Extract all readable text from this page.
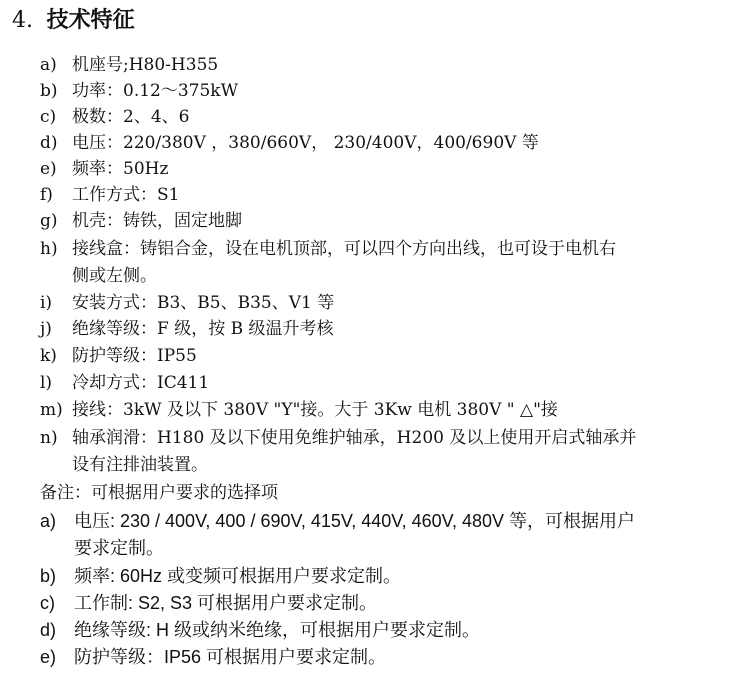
4. 技术特征
a) 机座号;H80-H355
b) 功率：0.12～375kW
c) 极数：2、4、6
d) 电压：220/380V ，380/660V， 230/400V，400/690V 等
e) 频率：50Hz
f) 工作方式：S1
g) 机壳：铸铁，固定地脚
h) 接线盒：铸铝合金，设在电机顶部，可以四个方向出线，也可设于电机右
侧或左侧。
i) 安装方式：B3、B5、B35、V1 等
j) 绝缘等级：F 级，按 B 级温升考核
k) 防护等级：IP55
l) 冷却方式：IC411
m) 接线：3kW 及以下 380V "Y"接。大于 3Kw 电机 380V " △"接
n) 轴承润滑：H180 及以下使用免维护轴承，H200 及以上使用开启式轴承并
设有注排油装置。
备注：可根据用户要求的选择项
a) 电压: 230 / 400V, 400 / 690V, 415V, 440V, 460V, 480V 等，可根据用户
要求定制。
b) 频率: 60Hz 或变频可根据用户要求定制。
c) 工作制: S2, S3 可根据用户要求定制。
d) 绝缘等级: H 级或纳米绝缘，可根据用户要求定制。
e) 防护等级：IP56 可根据用户要求定制。
